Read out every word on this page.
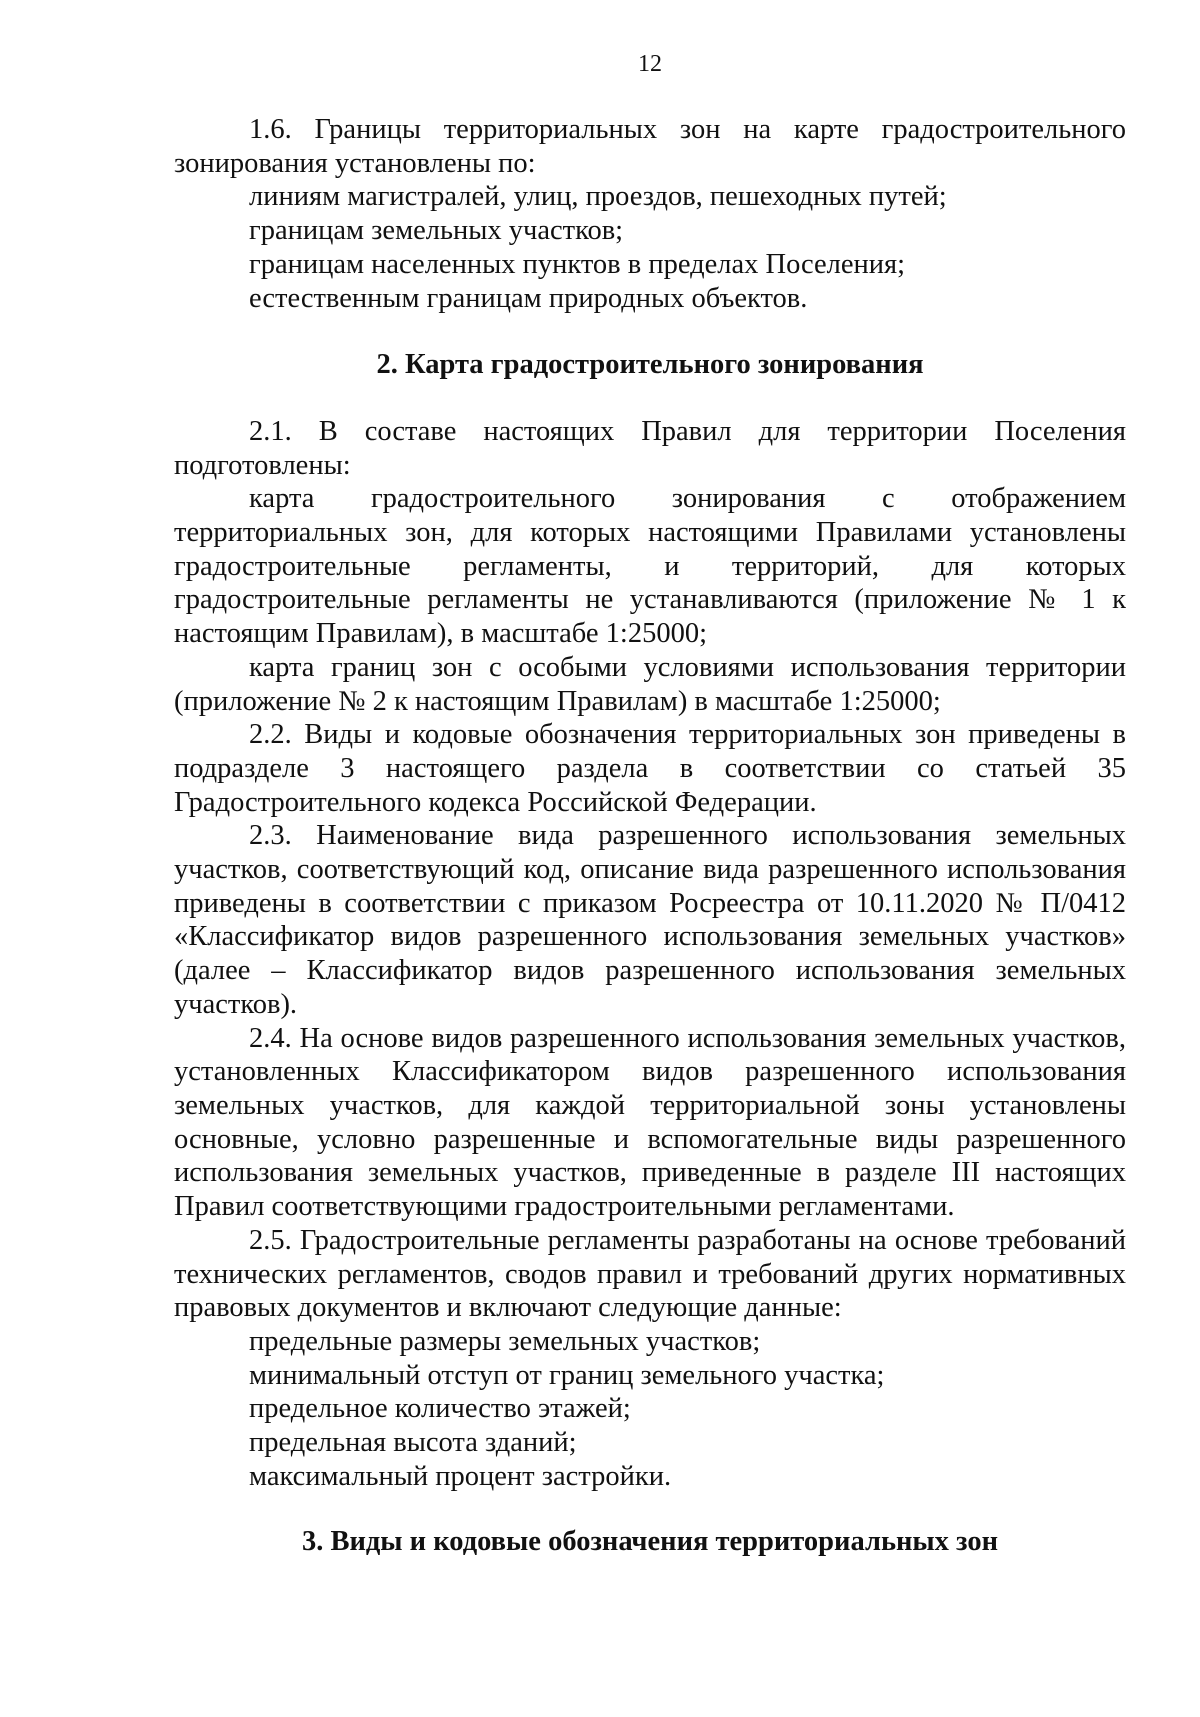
12

1.6. Границы территориальных зон на карте градостроительного зонирования установлены по:

линиям магистралей, улиц, проездов, пешеходных путей;

границам земельных участков;

границам населенных пунктов в пределах Поселения;

естественным границам природных объектов.

2. Карта градостроительного зонирования

2.1. В составе настоящих Правил для территории Поселения подготовлены:

карта градостроительного зонирования с отображением территориальных зон, для которых настоящими Правилами установлены градостроительные регламенты, и территорий, для которых градостроительные регламенты не устанавливаются (приложение № 1 к настоящим Правилам), в масштабе 1:25000;

карта границ зон с особыми условиями использования территории (приложение № 2 к настоящим Правилам) в масштабе 1:25000;

2.2. Виды и кодовые обозначения территориальных зон приведены в подразделе 3 настоящего раздела в соответствии со статьей 35 Градостроительного кодекса Российской Федерации.

2.3. Наименование вида разрешенного использования земельных участков, соответствующий код, описание вида разрешенного использования приведены в соответствии с приказом Росреестра от 10.11.2020 № П/0412 «Классификатор видов разрешенного использования земельных участков» (далее – Классификатор видов разрешенного использования земельных участков).

2.4. На основе видов разрешенного использования земельных участков, установленных Классификатором видов разрешенного использования земельных участков, для каждой территориальной зоны установлены основные, условно разрешенные и вспомогательные виды разрешенного использования земельных участков, приведенные в разделе III настоящих Правил соответствующими градостроительными регламентами.

2.5. Градостроительные регламенты разработаны на основе требований технических регламентов, сводов правил и требований других нормативных правовых документов и включают следующие данные:

предельные размеры земельных участков;

минимальный отступ от границ земельного участка;

предельное количество этажей;

предельная высота зданий;

максимальный процент застройки.

3. Виды и кодовые обозначения территориальных зон
